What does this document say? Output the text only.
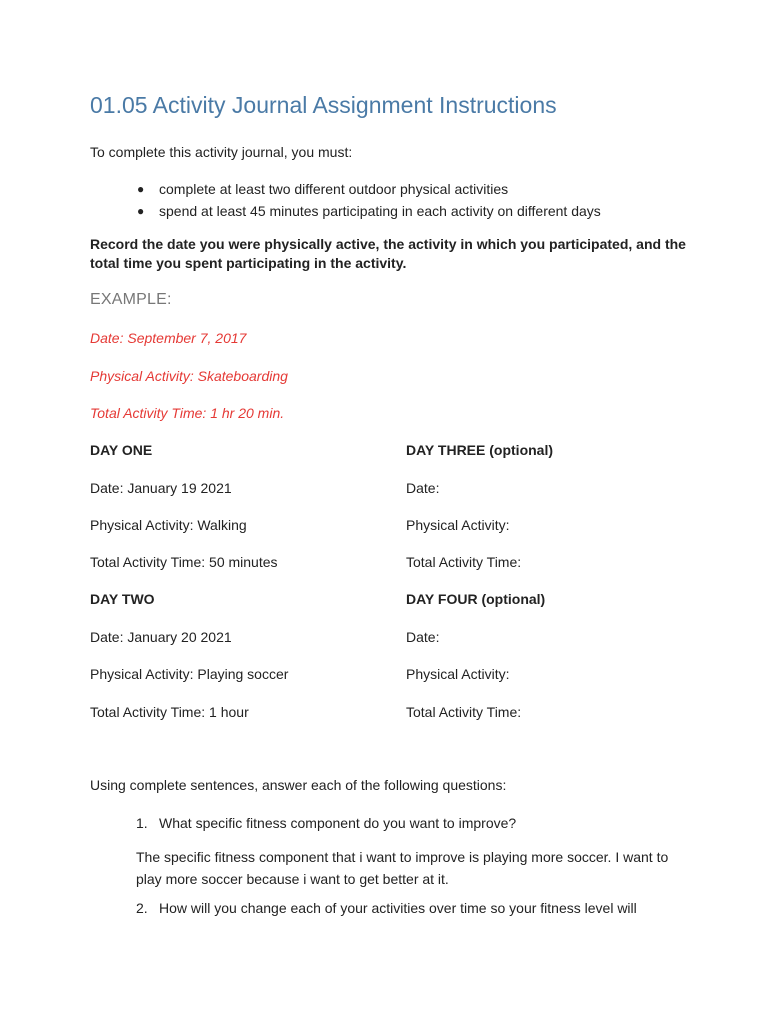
01.05 Activity Journal Assignment Instructions

To complete this activity journal, you must:

● complete at least two different outdoor physical activities
● spend at least 45 minutes participating in each activity on different days

Record the date you were physically active, the activity in which you participated, and the total time you spent participating in the activity.

EXAMPLE:

Date: September 7, 2017

Physical Activity: Skateboarding

Total Activity Time: 1 hr 20 min.

DAY ONE
Date: January 19 2021
Physical Activity: Walking
Total Activity Time: 50 minutes
DAY TWO
Date: January 20 2021
Physical Activity: Playing soccer
Total Activity Time: 1 hour
DAY THREE (optional)
Date:
Physical Activity:
Total Activity Time:
DAY FOUR (optional)
Date:
Physical Activity:
Total Activity Time:

Using complete sentences, answer each of the following questions:

1. What specific fitness component do you want to improve?

The specific fitness component that i want to improve is playing more soccer. I want to play more soccer because i want to get better at it.

2. How will you change each of your activities over time so your fitness level will
